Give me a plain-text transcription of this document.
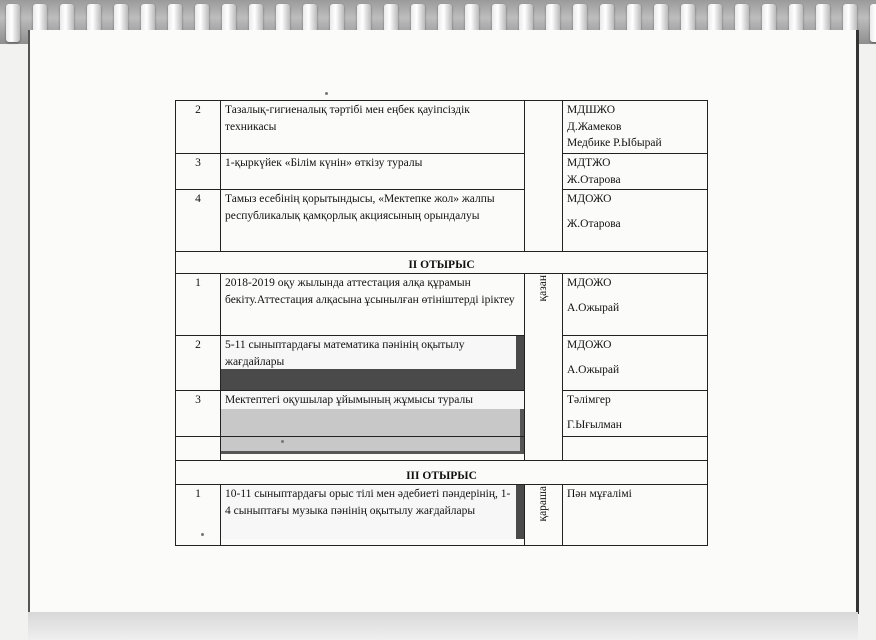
2	Тазалық-гигиеналық тәртібі мен еңбек қауіпсіздік техникасы		МДШЖО
Д.Жамеков
Медбике Р.Ыбырай

3	1-қыркүйек «Білім күнін» өткізу туралы		МДТЖО
Ж.Отарова

4	Тамыз есебінің қорытындысы, «Мектепке жол» жалпы республикалық қамқорлық акциясының орындалуы		МДОЖО
Ж.Отарова

II ОТЫРЫС			
1	2018-2019 оқу жылында аттестация алқа құрамын бекіту.Аттестация алқасына ұсынылған өтініштерді іріктеу	қазан	МДОЖО
А.Ожырай

2	5-11 сыныптардағы математика пәнінің оқытылу жағдайлары		МДОЖО
А.Ожырай

3	Мектептегі оқушылар ұйымының жұмысы туралы		Тәлімгер
Г.Ығылман

III ОТЫРЫС			
1	10-11 сыныптардағы орыс тілі мен әдебиеті пәндерінің, 1-4 сыныптағы музыка пәнінің оқытылу жағдайлары	қараша	Пән мұғалімі
